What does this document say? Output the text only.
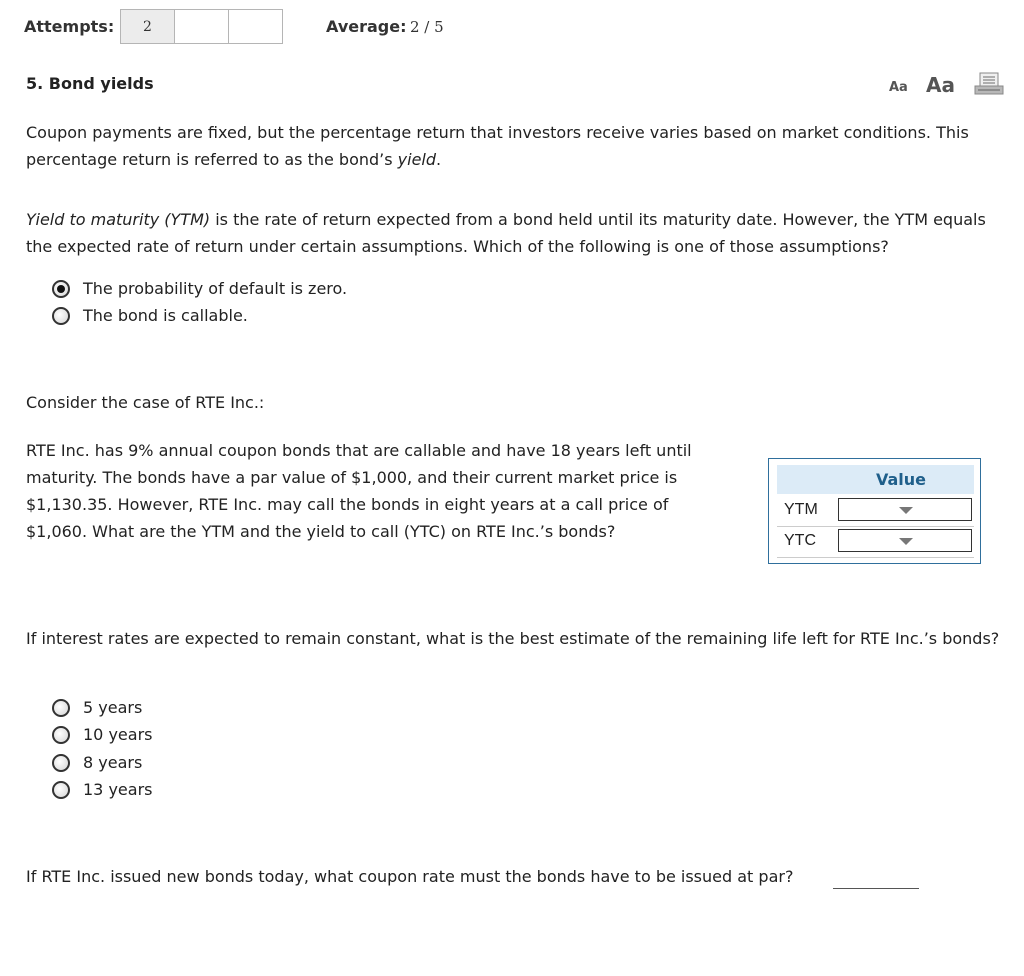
Attempts:	2	Average: 2 / 5
5. Bond yields	Aa Aa
Coupon payments are fixed, but the percentage return that investors receive varies based on market conditions. This percentage return is referred to as the bond’s yield.
Yield to maturity (YTM) is the rate of return expected from a bond held until its maturity date. However, the YTM equals the expected rate of return under certain assumptions. Which of the following is one of those assumptions?
The probability of default is zero.
The bond is callable.
Consider the case of RTE Inc.:
RTE Inc. has 9% annual coupon bonds that are callable and have 18 years left until maturity. The bonds have a par value of $1,000, and their current market price is $1,130.35. However, RTE Inc. may call the bonds in eight years at a call price of $1,060. What are the YTM and the yield to call (YTC) on RTE Inc.’s bonds?
Value
YTM
YTC
If interest rates are expected to remain constant, what is the best estimate of the remaining life left for RTE Inc.’s bonds?
5 years
10 years
8 years
13 years
If RTE Inc. issued new bonds today, what coupon rate must the bonds have to be issued at par?
